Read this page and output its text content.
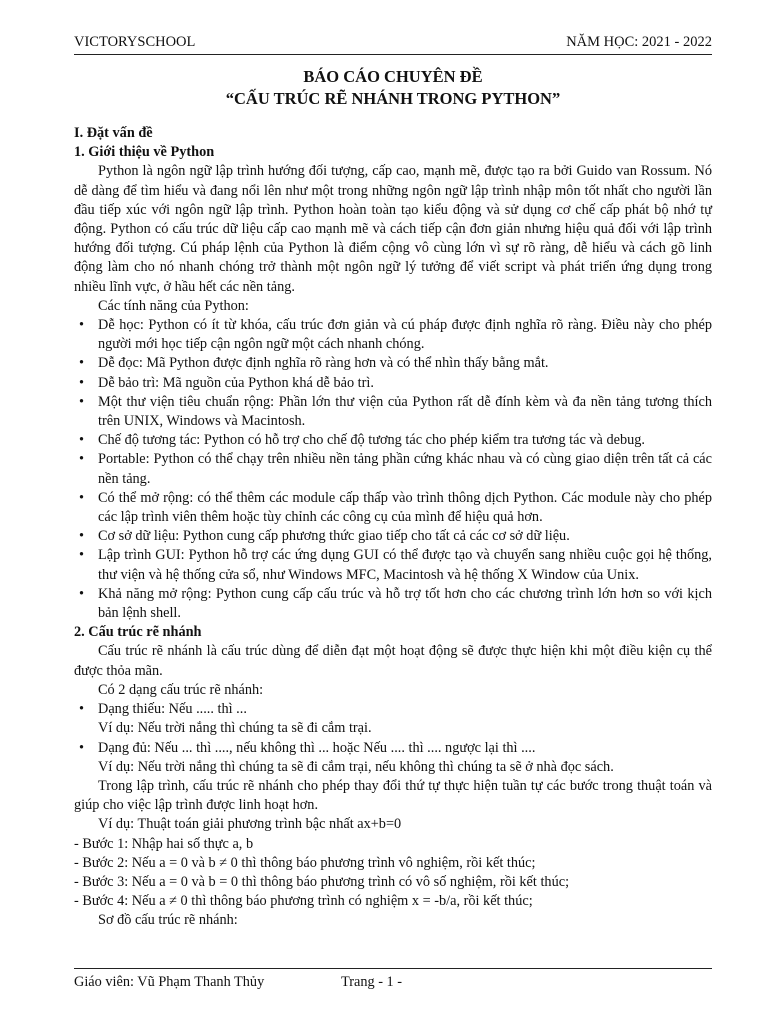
VICTORYSCHOOL	NĂM HỌC: 2021 - 2022
BÁO CÁO CHUYÊN ĐỀ
“CẤU TRÚC RẼ NHÁNH TRONG PYTHON”

I. Đặt vấn đề

1. Giới thiệu về Python

Python là ngôn ngữ lập trình hướng đối tượng, cấp cao, mạnh mẽ, được tạo ra bởi Guido van Rossum. Nó dễ dàng để tìm hiểu và đang nổi lên như một trong những ngôn ngữ lập trình nhập môn tốt nhất cho người lần đầu tiếp xúc với ngôn ngữ lập trình. Python hoàn toàn tạo kiểu động và sử dụng cơ chế cấp phát bộ nhớ tự động. Python có cấu trúc dữ liệu cấp cao mạnh mẽ và cách tiếp cận đơn giản nhưng hiệu quả đối với lập trình hướng đối tượng. Cú pháp lệnh của Python là điểm cộng vô cùng lớn vì sự rõ ràng, dễ hiểu và cách gõ linh động làm cho nó nhanh chóng trở thành một ngôn ngữ lý tưởng để viết script và phát triển ứng dụng trong nhiều lĩnh vực, ở hầu hết các nền tảng.

Các tính năng của Python:

• Dễ học: Python có ít từ khóa, cấu trúc đơn giản và cú pháp được định nghĩa rõ ràng. Điều này cho phép người mới học tiếp cận ngôn ngữ một cách nhanh chóng.
• Dễ đọc: Mã Python được định nghĩa rõ ràng hơn và có thể nhìn thấy bằng mắt.
• Dễ bảo trì: Mã nguồn của Python khá dễ bảo trì.
• Một thư viện tiêu chuẩn rộng: Phần lớn thư viện của Python rất dễ đính kèm và đa nền tảng tương thích trên UNIX, Windows và Macintosh.
• Chế độ tương tác: Python có hỗ trợ cho chế độ tương tác cho phép kiểm tra tương tác và debug.
• Portable: Python có thể chạy trên nhiều nền tảng phần cứng khác nhau và có cùng giao diện trên tất cả các nền tảng.
• Có thể mở rộng: có thể thêm các module cấp thấp vào trình thông dịch Python. Các module này cho phép các lập trình viên thêm hoặc tùy chỉnh các công cụ của mình để hiệu quả hơn.
• Cơ sở dữ liệu: Python cung cấp phương thức giao tiếp cho tất cả các cơ sở dữ liệu.
• Lập trình GUI: Python hỗ trợ các ứng dụng GUI có thể được tạo và chuyển sang nhiều cuộc gọi hệ thống, thư viện và hệ thống cửa sổ, như Windows MFC, Macintosh và hệ thống X Window của Unix.
• Khả năng mở rộng: Python cung cấp cấu trúc và hỗ trợ tốt hơn cho các chương trình lớn hơn so với kịch bản lệnh shell.

2. Cấu trúc rẽ nhánh

Cấu trúc rẽ nhánh là cấu trúc dùng để diễn đạt một hoạt động sẽ được thực hiện khi một điều kiện cụ thể được thỏa mãn.

Có 2 dạng cấu trúc rẽ nhánh:

• Dạng thiếu: Nếu ..... thì ...

Ví dụ: Nếu trời nắng thì chúng ta sẽ đi cắm trại.

• Dạng đủ: Nếu ... thì ...., nếu không thì ... hoặc Nếu .... thì .... ngược lại thì ....

Ví dụ: Nếu trời nắng thì chúng ta sẽ đi cắm trại, nếu không thì chúng ta sẽ ở nhà đọc sách.

Trong lập trình, cấu trúc rẽ nhánh cho phép thay đổi thứ tự thực hiện tuần tự các bước trong thuật toán và giúp cho việc lập trình được linh hoạt hơn.

Ví dụ: Thuật toán giải phương trình bậc nhất ax+b=0

- Bước 1: Nhập hai số thực a, b

- Bước 2: Nếu a = 0 và b ≠ 0 thì thông báo phương trình vô nghiệm, rồi kết thúc;

- Bước 3: Nếu a = 0 và b = 0 thì thông báo phương trình có vô số nghiệm, rồi kết thúc;

- Bước 4: Nếu a ≠ 0 thì thông báo phương trình có nghiệm x = -b/a, rồi kết thúc;

Sơ đồ cấu trúc rẽ nhánh:

Giáo viên: Vũ Phạm Thanh Thủy	Trang - 1 -
